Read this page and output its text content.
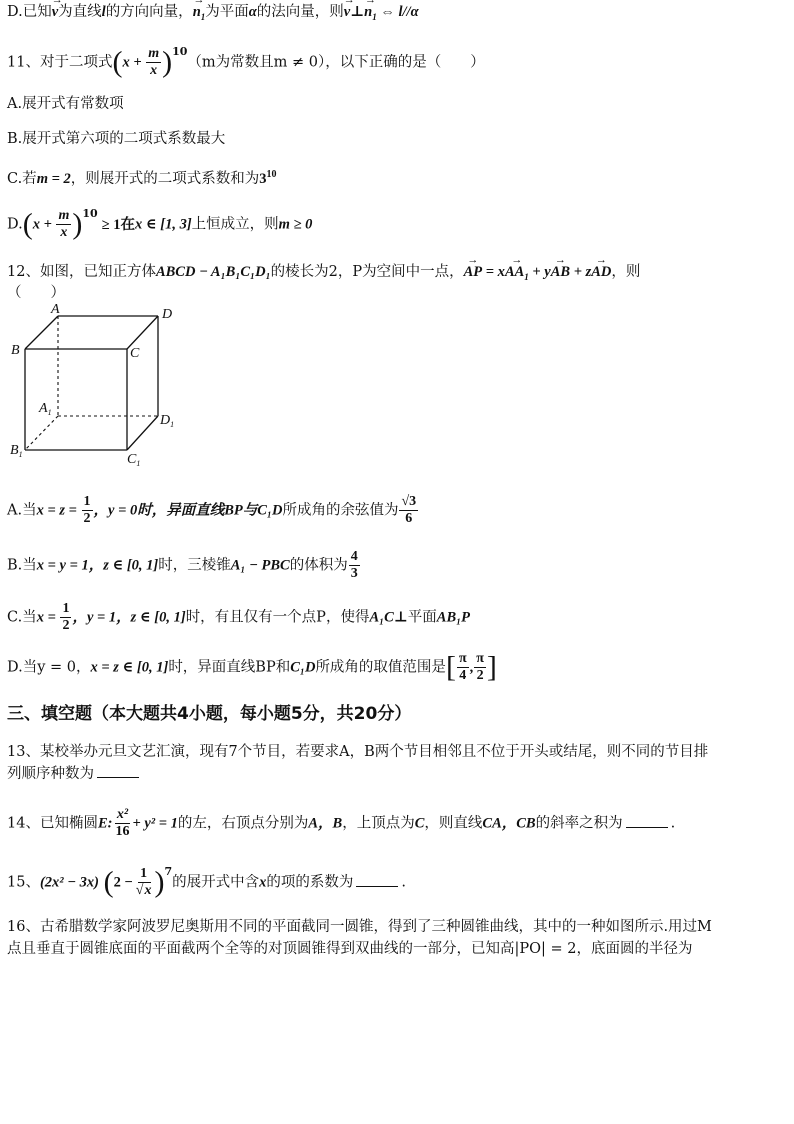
D.已知→ v为直线l的方向向量，→ $n_1$为平面α的法向量，则→ v⊥→ $n_1$ ⇔ l//α
11、对于二项式$(x + \frac{m}{x} )^{10}(m$为常数且m ≠ 0），以下正确的是（　　）
A.展开式有常数项
B.展开式第六项的二项式系数最大
C.若m = 2，则展开式的二项式系数和为$3^{10}$
$D.(x + \frac{m}{x} )^{10}\ge 1$在x ∈ [1, 3]上恒成立，则m ≥ 0
12、如图，已知正方体ABCD − A₁B₁C₁D₁的棱长为2，P为空间中一点，→ AP = $x\to AA_1 + y\to$ AB + z→ AD，则
（　　）
A	D
B	C
$A_1$
$D_1$
$B_1$	$C_1$
A.当$x = z = \frac{1}{2}$ ，y = 0时，异面直线BP与C₁D所成角的余弦值为 $\frac{√3}{6}$
B.当x = y = 1，z ∈ [0, 1]时，三棱锥A₁ − PBC的体积为 $\frac{4}{3}$
C.当$x = \frac{1}{2}$ ，y = 1，z ∈ [0, 1]时，有且仅有一个点P，使得A₁C⊥平面AB₁P
D.当y = 0，x = z ∈ [0, 1]时，异面直线BP和C₁D所成角的取值范围是[ $\frac{\pi}{4}$ , $\frac{\pi}{2}$ ]
三、填空题（本大题共4小题，每小题5分，共20分）
13、某校举办元旦文艺汇演，现有7个节目，若要求A，B两个节目相邻且不位于开头或结尾，则不同的节目排
列顺序种数为
14、已知椭圆E: $\frac{\text{x²}}{16} + y^2 = 1$的左，右顶点分别为A，B，上顶点为C，则直线CA，CB的斜率之积为	.
15、(2x² − 3x) $(2 - \frac{1}{√x} )^7$的展开式中含x的项的系数为	.
16、古希腊数学家阿波罗尼奥斯用不同的平面截同一圆锥，得到了三种圆锥曲线，其中的一种如图所示.用过M
点且垂直于圆锥底面的平面截两个全等的对顶圆锥得到双曲线的一部分，已知高|PO| = 2，底面圆的半径为
